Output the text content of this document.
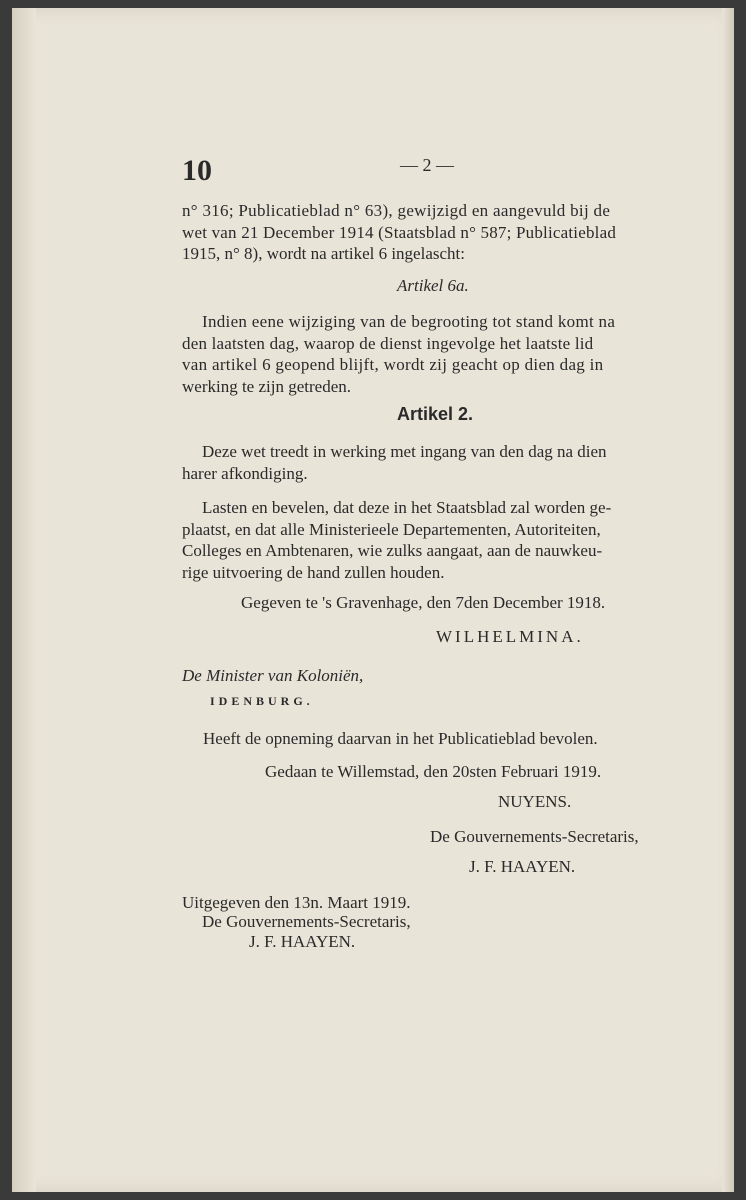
10	— 2 —
n° 316; Publicatieblad n° 63), gewijzigd en aangevuld bij de
wet van 21 December 1914 (Staatsblad n° 587; Publicatieblad
1915, n° 8), wordt na artikel 6 ingelascht:
Artikel 6a.
Indien eene wijziging van de begrooting tot stand komt na
den laatsten dag, waarop de dienst ingevolge het laatste lid
van artikel 6 geopend blijft, wordt zij geacht op dien dag in
werking te zijn getreden.
Artikel 2.
Deze wet treedt in werking met ingang van den dag na dien
harer afkondiging.
Lasten en bevelen, dat deze in het Staatsblad zal worden ge-
plaatst, en dat alle Ministerieele Departementen, Autoriteiten,
Colleges en Ambtenaren, wie zulks aangaat, aan de nauwkeu-
rige uitvoering de hand zullen houden.
Gegeven te 's Gravenhage, den 7den December 1918.
WILHELMINA.
De Minister van Koloniën,
IDENBURG.
Heeft de opneming daarvan in het Publicatieblad bevolen.
Gedaan te Willemstad, den 20sten Februari 1919.
NUYENS.
De Gouvernements-Secretaris,
J. F. HAAYEN.
Uitgegeven den 13n. Maart 1919.
De Gouvernements-Secretaris,
J. F. HAAYEN.
